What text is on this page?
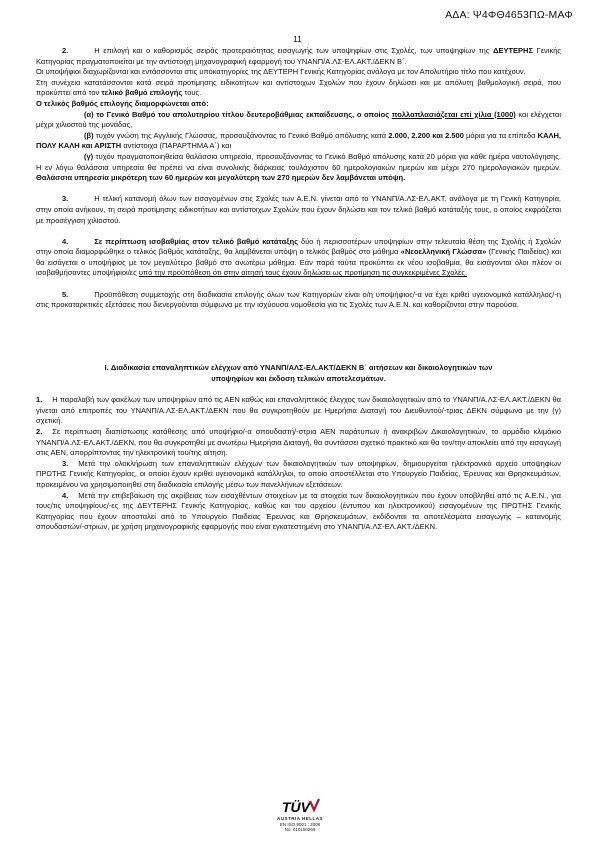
ΑΔΑ: Ψ4ΦΘ4653ΠΩ-ΜΑΦ
11

2.	Η επιλογή και ο καθορισμός σειράς προτεραιότητας εισαγωγής των υποψηφίων στις Σχολές, των υποψηφίων της ΔΕΥΤΕΡΗΣ Γενικής Κατηγορίας πραγματοποιείται με την αντίστοιχη μηχανογραφική εφαρμογή του ΥΝΑΝΠ/Α.ΛΣ-ΕΛ.ΑΚΤ./ΔΕΚΝ Β΄.

Οι υποψήφιοι διαχωρίζονται και εντάσσονται στις υποκατηγορίες της ΔΕΥΤΕΡΗ Γενικής Κατηγορίας ανάλογα με τον Απολυτήριο τίτλο που κατέχουν.

Στη συνέχεια κατατάσσονται κατά σειρά προτίμησης ειδικοτήτων και αντίστοιχων Σχολών που έχουν δηλώσει και με απόλυτη βαθμολογική σειρά, που προκύπτει από τον τελικό βαθμό επιλογής τους.

Ο τελικός βαθμός επιλογής διαμορφώνεται από:

(α) το Γενικό Βαθμό του απολυτηρίου τίτλου δευτεροβάθμιας εκπαίδευσης, ο οποίος πολλαπλασιάζεται επί χίλια (1000) και ελέγχεται μέχρι χιλιοστού της μονάδας,

(β) τυχόν γνώση της Αγγλικής Γλώσσας, προσαυξάνοντας το Γενικό Βαθμό απόλυσης κατά 2.000, 2.200 και 2.500 μόρια για τα επίπεδα ΚΑΛΗ, ΠΟΛΥ ΚΑΛΗ και ΑΡΙΣΤΗ αντίστοιχα (ΠΑΡΑΡΤΗΜΑ Α΄) και

(γ) τυχόν πραγματοποιηθείσα θαλάσσια υπηρεσία, προσαυξάνοντας το Γενικό Βαθμό απόλυσης κατά 20 μόρια για κάθε ημέρα ναυτολόγησης. Η εν λόγω θαλάσσια υπηρεσία θα πρέπει να είναι συνολικής διάρκειας τουλάχιστον 60 ημερολογιακών ημερών και μέχρι 270 ημερολογιακών ημερών. Θαλάσσια υπηρεσία μικρότερη των 60 ημερών και μεγαλύτερη των 270 ημερών δεν λαμβάνεται υπόψη.

3.	Η τελική κατανομή όλων των εισαγομένων στις Σχολές των Α.Ε.Ν. γίνεται από το ΥΝΑΝΠ/Α.ΛΣ-ΕΛ.ΑΚΤ. ανάλογα με τη Γενική Κατηγορία, στην οποία ανήκουν, τη σειρά προτίμησης ειδικοτήτων και αντίστοιχων Σχολών που έχουν δηλώσει και τον τελικό βαθμό κατάταξής τους, ο οποίος εκφράζεται με προσέγγιση χιλιοστού.

4.	Σε περίπτωση ισοβαθμίας στον τελικό βαθμό κατάταξης δύο ή περισσοτέρων υποψηφίων στην τελευταία θέση της Σχολής ή Σχολών στην οποία διαμορφώθηκε ο τελικός βαθμός κατάταξης, θα λαμβάνεται υπόψη ο τελικός βαθμός στο μάθημα «Νεοελληνική Γλώσσα» (Γενικής Παιδείας) και θα εισάγεται ο υποψήφιος με τον μεγαλύτερο βαθμό στο ανωτέρω μάθημα. Εάν παρά ταύτα προκύπτει εκ νέου ισοβαθμία, θα εισάγονται όλοι πλέον οι ισοβαθμήσαντες υποψήφιοι/ες υπό την προϋπόθεση ότι στην αίτησή τους έχουν δηλώσει ως προτίμηση τις συγκεκριμένες Σχολές.

5.	Προϋπόθεση συμμετοχής στη διαδικασία επιλογής όλων των Κατηγοριών είναι ο/η υποψήφιος/-α να έχει κριθεί υγειονομικά κατάλληλος/-η στις προκαταρκτικές εξετάσεις που διενεργούνται σύμφωνα με την ισχύουσα νομοθεσία για τις Σχολές των Α.Ε.Ν. και καθορίζονται στην παρούσα.

I. Διαδικασία επαναληπτικών ελέγχων από ΥΝΑΝΠ/ΑΛΣ-ΕΛ.ΑΚΤ/ΔΕΚΝ Β΄ αιτήσεων και δικαιολογητικών των
υποψηφίων και έκδοση τελικών αποτελεσμάτων.

1. Η παραλαβή των φακέλων των υποψηφίων από τις ΑΕΝ καθώς και επαναληπτικός έλεγχος των δικαιολογητικών από το ΥΝΑΝΠ/Α.ΛΣ-ΕΛ.ΑΚΤ./ΔΕΚΝ θα γίνεται από επιτροπές του ΥΝΑΝΠ/Α.ΛΣ-ΕΛ.ΑΚΤ./ΔΕΚΝ που θα συγκροτηθούν με Ημερήσια Διαταγή του Διευθυντού/-τριας ΔΕΚΝ σύμφωνα με την (γ) σχετική.

2. Σε περίπτωση διαπίστωσης κατάθεσης από υποψήφιο/-α σπουδαστή/-στρια ΑΕΝ παράτυπων ή ανακριβών Δικαιολογητικών, το αρμόδιο κλιμάκιο ΥΝΑΝΠ/Α.ΛΣ-ΕΛ.ΑΚΤ./ΔΕΚΝ, που θα συγκροτηθεί με ανωτέρω Ημερήσια Διαταγή, θα συντάσσει σχετικό πρακτικό και θα τον/την αποκλείει από την εισαγωγή στις ΑΕΝ, απορρίπτοντας την ηλεκτρονική του/της αίτηση.

3. Μετά την ολοκλήρωση των επαναληπτικών ελέγχων των δικαιολογητικών των υποψηφίων, δημιουργείται ηλεκτρονικό αρχείο υποψηφίων ΠΡΩΤΗΣ Γενικής Κατηγορίας, οι οποίοι έχουν κριθεί υγειονομικά κατάλληλοι, το οποίο αποστέλλεται στο Υπουργείο Παιδείας, Έρευνας και Θρησκευμάτων, προκειμένου να χρησιμοποιηθεί στη διαδικασία επιλογής μέσω των πανελλήνιων εξετάσεων.

4. Μετά την επιβεβαίωση της ακρίβειας των εισαχθέντων στοιχείων με τα στοιχεία των δικαιολογητικών που έχουν υποβληθεί από τις Α.Ε.Ν., για τους/τις υποψηφίους/-ες της ΔΕΥΤΕΡΗΣ Γενικής Κατηγορίας, καθώς και του αρχείου (έντυπου και ηλεκτρονικού) εισαγομένων της ΠΡΩΤΗΣ Γενικής Κατηγορίας που έχουν αποσταλεί από το Υπουργείο Παιδείας Έρευνας και Θρησκευμάτων, εκδίδονται τα αποτελέσματα εισαγωγής – κατανομής σπουδαστών/-στριων, με χρήση μηχανογραφικής εφαρμογής που είναι εγκατεστημένη στο ΥΝΑΝΠ/Α.ΛΣ-ΕΛ.ΑΚΤ./ΔΕΚΝ.

TÜV
AUSTRIA HELLAS
EN ISO 9001 : 2008
No: 010150269
